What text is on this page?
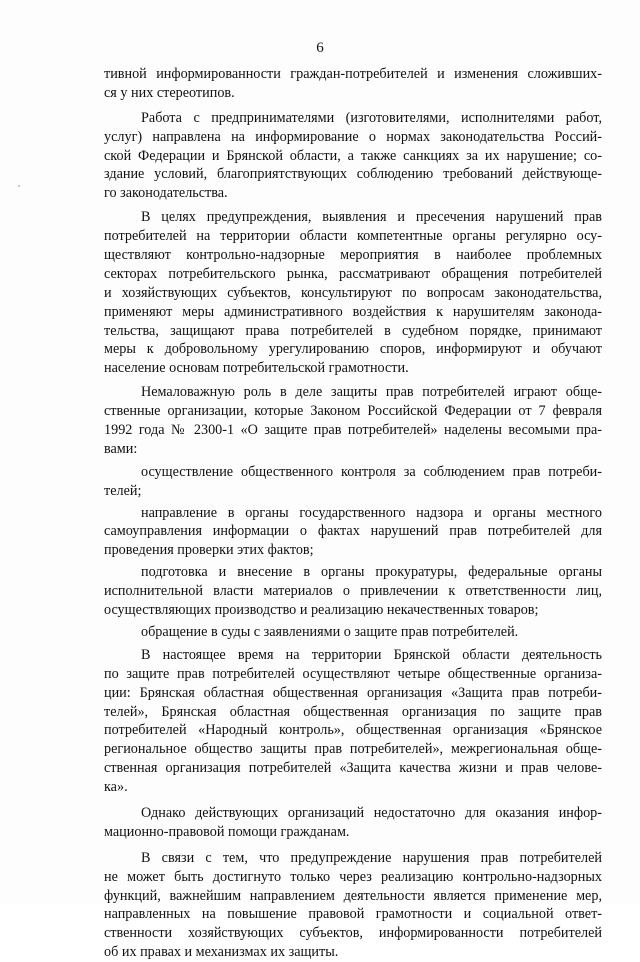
6
тивной информированности граждан-потребителей и изменения сложивших-
ся у них стереотипов.
Работа с предпринимателями (изготовителями, исполнителями работ,
услуг) направлена на информирование о нормах законодательства Россий-
ской Федерации и Брянской области, а также санкциях за их нарушение; со-
здание условий, благоприятствующих соблюдению требований действующе-
го законодательства.
В целях предупреждения, выявления и пресечения нарушений прав
потребителей на территории области компетентные органы регулярно осу-
ществляют контрольно-надзорные мероприятия в наиболее проблемных
секторах потребительского рынка, рассматривают обращения потребителей
и хозяйствующих субъектов, консультируют по вопросам законодательства,
применяют меры административного воздействия к нарушителям законода-
тельства, защищают права потребителей в судебном порядке, принимают
меры к добровольному урегулированию споров, информируют и обучают
население основам потребительской грамотности.
Немаловажную роль в деле защиты прав потребителей играют обще-
ственные организации, которые Законом Российской Федерации от 7 февраля
1992 года № 2300-1 «О защите прав потребителей» наделены весомыми пра-
вами:
осуществление общественного контроля за соблюдением прав потреби-
телей;
направление в органы государственного надзора и органы местного
самоуправления информации о фактах нарушений прав потребителей для
проведения проверки этих фактов;
подготовка и внесение в органы прокуратуры, федеральные органы
исполнительной власти материалов о привлечении к ответственности лиц,
осуществляющих производство и реализацию некачественных товаров;
обращение в суды с заявлениями о защите прав потребителей.
В настоящее время на территории Брянской области деятельность
по защите прав потребителей осуществляют четыре общественные организа-
ции: Брянская областная общественная организация «Защита прав потреби-
телей», Брянская областная общественная организация по защите прав
потребителей «Народный контроль», общественная организация «Брянское
региональное общество защиты прав потребителей», межрегиональная обще-
ственная организация потребителей «Защита качества жизни и прав челове-
ка».
Однако действующих организаций недостаточно для оказания инфор-
мационно-правовой помощи гражданам.
В связи с тем, что предупреждение нарушения прав потребителей
не может быть достигнуто только через реализацию контрольно-надзорных
функций, важнейшим направлением деятельности является применение мер,
направленных на повышение правовой грамотности и социальной ответ-
ственности хозяйствующих субъектов, информированности потребителей
об их правах и механизмах их защиты.
